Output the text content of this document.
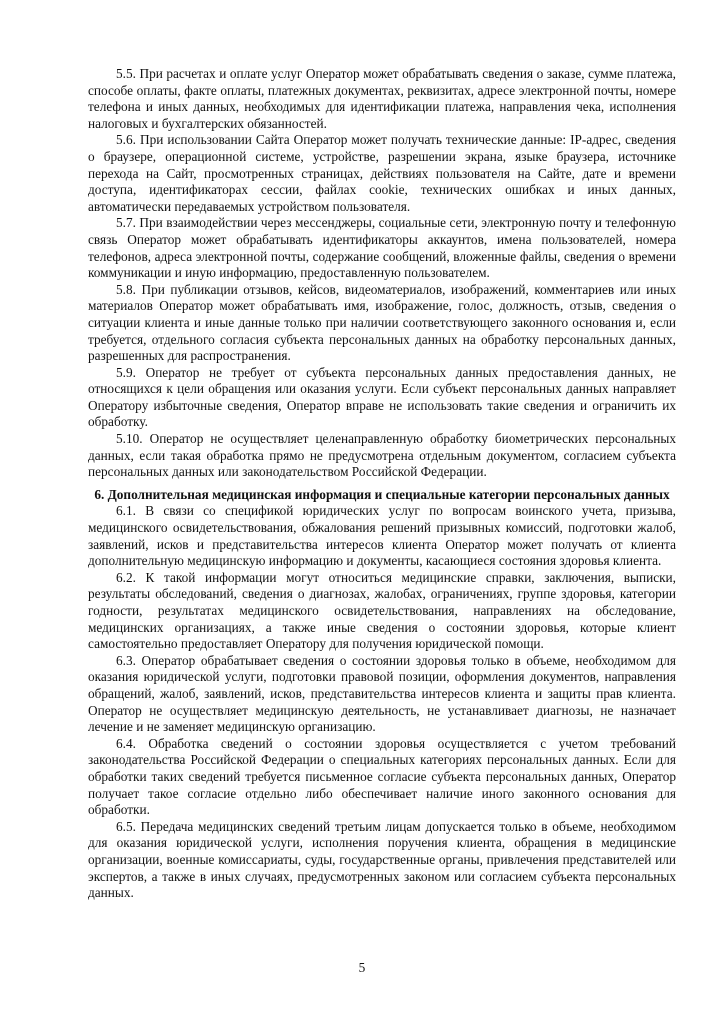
5.5. При расчетах и оплате услуг Оператор может обрабатывать сведения о заказе, сумме платежа, способе оплаты, факте оплаты, платежных документах, реквизитах, адресе электронной почты, номере телефона и иных данных, необходимых для идентификации платежа, направления чека, исполнения налоговых и бухгалтерских обязанностей.

5.6. При использовании Сайта Оператор может получать технические данные: IP-адрес, сведения о браузере, операционной системе, устройстве, разрешении экрана, языке браузера, источнике перехода на Сайт, просмотренных страницах, действиях пользователя на Сайте, дате и времени доступа, идентификаторах сессии, файлах cookie, технических ошибках и иных данных, автоматически передаваемых устройством пользователя.

5.7. При взаимодействии через мессенджеры, социальные сети, электронную почту и телефонную связь Оператор может обрабатывать идентификаторы аккаунтов, имена пользователей, номера телефонов, адреса электронной почты, содержание сообщений, вложенные файлы, сведения о времени коммуникации и иную информацию, предоставленную пользователем.

5.8. При публикации отзывов, кейсов, видеоматериалов, изображений, комментариев или иных материалов Оператор может обрабатывать имя, изображение, голос, должность, отзыв, сведения о ситуации клиента и иные данные только при наличии соответствующего законного основания и, если требуется, отдельного согласия субъекта персональных данных на обработку персональных данных, разрешенных для распространения.

5.9. Оператор не требует от субъекта персональных данных предоставления данных, не относящихся к цели обращения или оказания услуги. Если субъект персональных данных направляет Оператору избыточные сведения, Оператор вправе не использовать такие сведения и ограничить их обработку.

5.10. Оператор не осуществляет целенаправленную обработку биометрических персональных данных, если такая обработка прямо не предусмотрена отдельным документом, согласием субъекта персональных данных или законодательством Российской Федерации.

6. Дополнительная медицинская информация и специальные категории персональных данных

6.1. В связи со спецификой юридических услуг по вопросам воинского учета, призыва, медицинского освидетельствования, обжалования решений призывных комиссий, подготовки жалоб, заявлений, исков и представительства интересов клиента Оператор может получать от клиента дополнительную медицинскую информацию и документы, касающиеся состояния здоровья клиента.

6.2. К такой информации могут относиться медицинские справки, заключения, выписки, результаты обследований, сведения о диагнозах, жалобах, ограничениях, группе здоровья, категории годности, результатах медицинского освидетельствования, направлениях на обследование, медицинских организациях, а также иные сведения о состоянии здоровья, которые клиент самостоятельно предоставляет Оператору для получения юридической помощи.

6.3. Оператор обрабатывает сведения о состоянии здоровья только в объеме, необходимом для оказания юридической услуги, подготовки правовой позиции, оформления документов, направления обращений, жалоб, заявлений, исков, представительства интересов клиента и защиты прав клиента. Оператор не осуществляет медицинскую деятельность, не устанавливает диагнозы, не назначает лечение и не заменяет медицинскую организацию.

6.4. Обработка сведений о состоянии здоровья осуществляется с учетом требований законодательства Российской Федерации о специальных категориях персональных данных. Если для обработки таких сведений требуется письменное согласие субъекта персональных данных, Оператор получает такое согласие отдельно либо обеспечивает наличие иного законного основания для обработки.

6.5. Передача медицинских сведений третьим лицам допускается только в объеме, необходимом для оказания юридической услуги, исполнения поручения клиента, обращения в медицинские организации, военные комиссариаты, суды, государственные органы, привлечения представителей или экспертов, а также в иных случаях, предусмотренных законом или согласием субъекта персональных данных.

5
